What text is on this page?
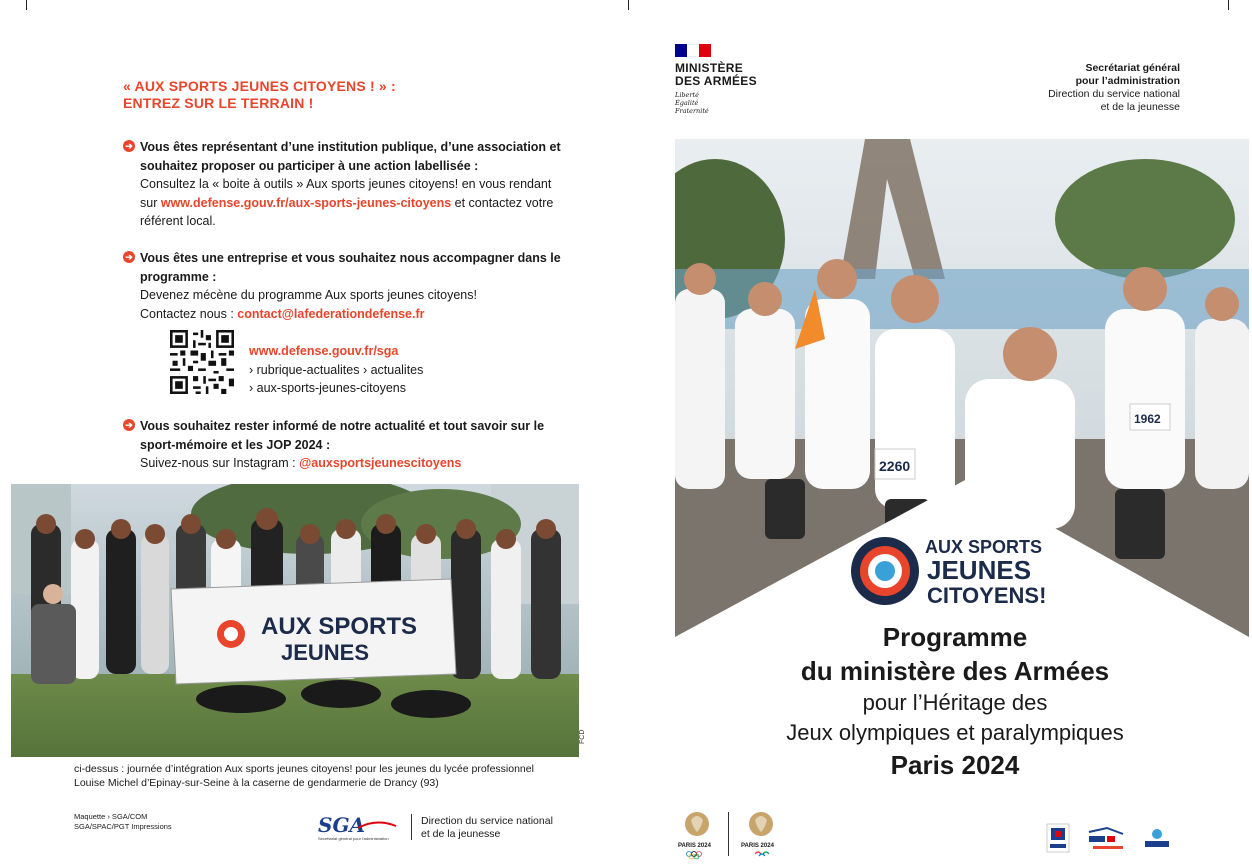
« AUX SPORTS JEUNES CITOYENS ! » :
ENTREZ SUR LE TERRAIN !
➔ Vous êtes représentant d’une institution publique, d’une association et souhaitez proposer ou participer à une action labellisée :
Consultez la « boite à outils » Aux sports jeunes citoyens! en vous rendant sur www.defense.gouv.fr/aux-sports-jeunes-citoyens et contactez votre référent local.
➔ Vous êtes une entreprise et vous souhaitez nous accompagner dans le programme :
Devenez mécène du programme Aux sports jeunes citoyens!
Contactez nous : contact@lafederationdefense.fr
www.defense.gouv.fr/sga
› rubrique-actualites › actualites
› aux-sports-jeunes-citoyens
➔ Vous souhaitez rester informé de notre actualité et tout savoir sur le sport-mémoire et les JOP 2024 :
Suivez-nous sur Instagram : @auxsportsjeunescitoyens
AUX SPORTS
JEUNES
FCD
ci-dessus : journée d’intégration Aux sports jeunes citoyens! pour les jeunes du lycée professionnel
Louise Michel d’Epinay-sur-Seine à la caserne de gendarmerie de Drancy (93)
Maquette › SGA/COM
SGA/SPAC/PGT Impressions	SGA
Secrétariat général pour l'administration
Direction du service national
et de la jeunesse
MINISTÈRE
DES ARMÉES
Liberté
Égalité
Fraternité
Secrétariat général
pour l’administration
Direction du service national
et de la jeunesse
2260
1962
AUX SPORTS
JEUNES
CITOYENS!
Programme
du ministère des Armées
pour l’Héritage des
Jeux olympiques et paralympiques
Paris 2024
PARIS 2024	PARIS 2024
